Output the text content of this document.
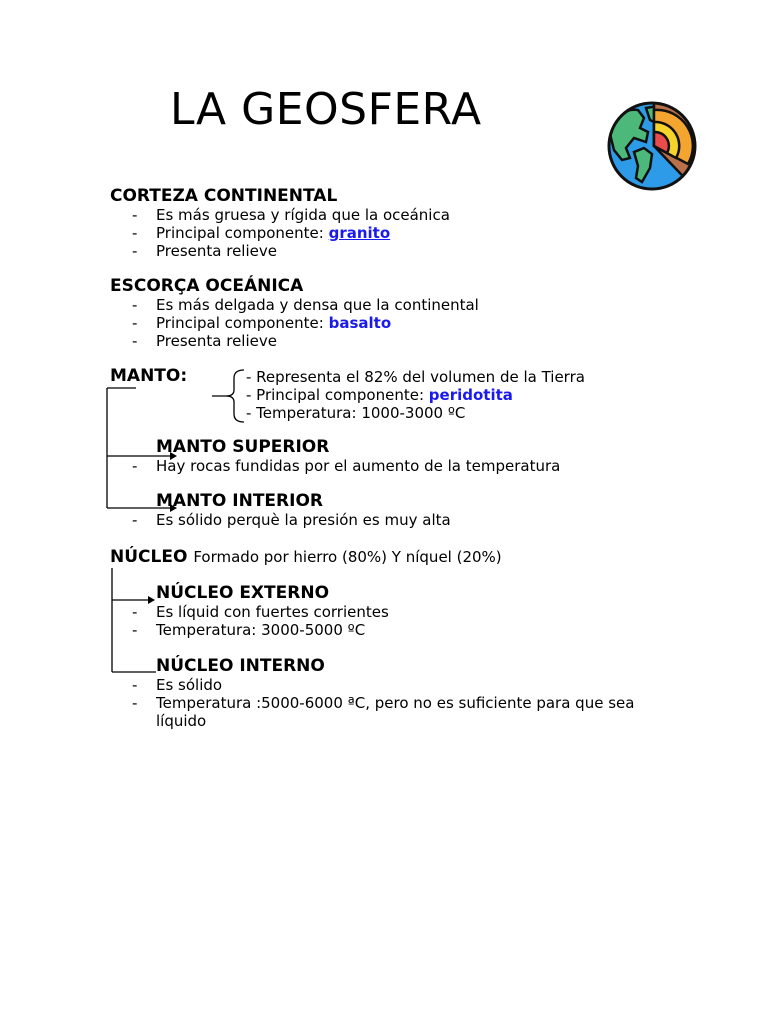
LA GEOSFERA
CORTEZA CONTINENTAL
- Es más gruesa y rígida que la oceánica
- Principal componente: granito
- Presenta relieve
ESCORÇA OCEÁNICA
- Es más delgada y densa que la continental
- Principal componente: basalto
- Presenta relieve
MANTO:	- Representa el 82% del volumen de la Tierra
- Principal componente: peridotita
- Temperatura: 1000-3000 ºC
MANTO SUPERIOR
- Hay rocas fundidas por el aumento de la temperatura
MANTO INTERIOR
- Es sólido perquè la presión es muy alta
NÚCLEO Formado por hierro (80%) Y níquel (20%)
NÚCLEO EXTERNO
- Es líquid con fuertes corrientes
- Temperatura: 3000-5000 ºC
NÚCLEO INTERNO
- Es sólido
- Temperatura :5000-6000 ªC, pero no es suficiente para que sea
líquido
